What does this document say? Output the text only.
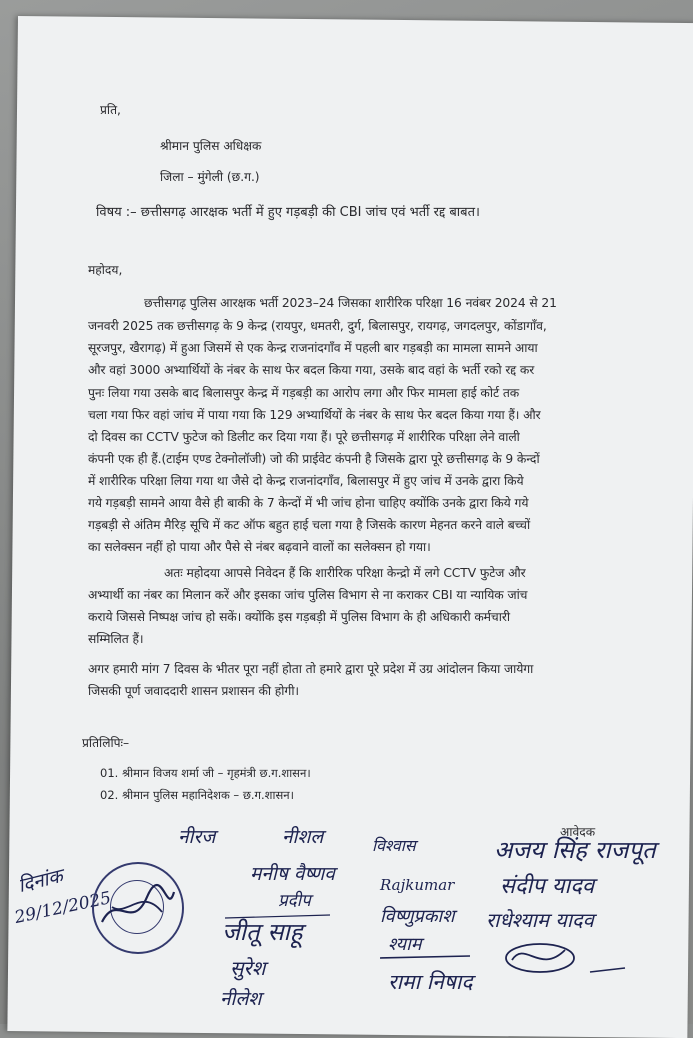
प्रति,
श्रीमान पुलिस अधिक्षक
जिला – मुंगेली (छ.ग.)
विषय :– छत्तीसगढ़ आरक्षक भर्ती में हुए गड़बड़ी की CBI जांच एवं भर्ती रद्द बाबत।
महोदय,
छत्तीसगढ़ पुलिस आरक्षक भर्ती 2023–24 जिसका शारीरिक परिक्षा 16 नवंबर 2024 से 21
जनवरी 2025 तक छत्तीसगढ़ के 9 केन्द्र (रायपुर, धमतरी, दुर्ग, बिलासपुर, रायगढ़, जगदलपुर, कोंडागाँव,
सूरजपुर, खैरागढ़) में हुआ जिसमें से एक केन्द्र राजनांदगाँव में पहली बार गड़बड़ी का मामला सामने आया
और वहां 3000 अभ्यार्थियों के नंबर के साथ फेर बदल किया गया, उसके बाद वहां के भर्ती रको रद्द कर
पुनः लिया गया उसके बाद बिलासपुर केन्द्र में गड़बड़ी का आरोप लगा और फिर मामला हाई कोर्ट तक
चला गया फिर वहां जांच में पाया गया कि 129 अभ्यार्थियों के नंबर के साथ फेर बदल किया गया हैं। और
दो दिवस का CCTV फुटेज को डिलीट कर दिया गया हैं। पूरे छत्तीसगढ़ में शारीरिक परिक्षा लेने वाली
कंपनी एक ही हैं.(टाईम एण्ड टेक्नोलॉजी) जो की प्राईवेट कंपनी है जिसके द्वारा पूरे छत्तीसगढ़ के 9 केन्दों
में शारीरिक परिक्षा लिया गया था जैसे दो केन्द्र राजनांदगाँव, बिलासपुर में हुए जांच में उनके द्वारा किये
गये गड़बड़ी सामने आया वैसे ही बाकी के 7 केन्दों में भी जांच होना चाहिए क्योंकि उनके द्वारा किये गये
गड़बड़ी से अंतिम मैरिड़ सूचि में कट ऑफ बहुत हाई चला गया है जिसके कारण मेहनत करने वाले बच्चों
का सलेक्सन नहीं हो पाया और पैसे से नंबर बढ़वाने वालों का सलेक्सन हो गया।
अतः महोदया आपसे निवेदन हैं कि शारीरिक परिक्षा केन्द्रो में लगे CCTV फुटेज और
अभ्यार्थी का नंबर का मिलान करें और इसका जांच पुलिस विभाग से ना कराकर CBI या न्यायिक जांच
कराये जिससे निष्पक्ष जांच हो सकें। क्योंकि इस गड़बड़ी में पुलिस विभाग के ही अधिकारी कर्मचारी
सम्मिलित हैं।
अगर हमारी मांग 7 दिवस के भीतर पूरा नहीं होता तो हमारे द्वारा पूरे प्रदेश में उग्र आंदोलन किया जायेगा
जिसकी पूर्ण जवाददारी शासन प्रशासन की होगी।
प्रतिलिपिः–
01. श्रीमान विजय शर्मा जी – गृहमंत्री छ.ग.शासन।
02. श्रीमान पुलिस महानिदेशक – छ.ग.शासन।
आवेदक
दिनांक
29/12/2025
नीरज	नीशल	विश्वास	अजय सिंह राजपूत
मनीष वैष्णव
प्रदीप
Rajkumar संदीप यादव
जीतू साहू
विष्णुप्रकाश राधेश्याम यादव
सुरेश
श्याम
रामा निषाद
नीलेश
